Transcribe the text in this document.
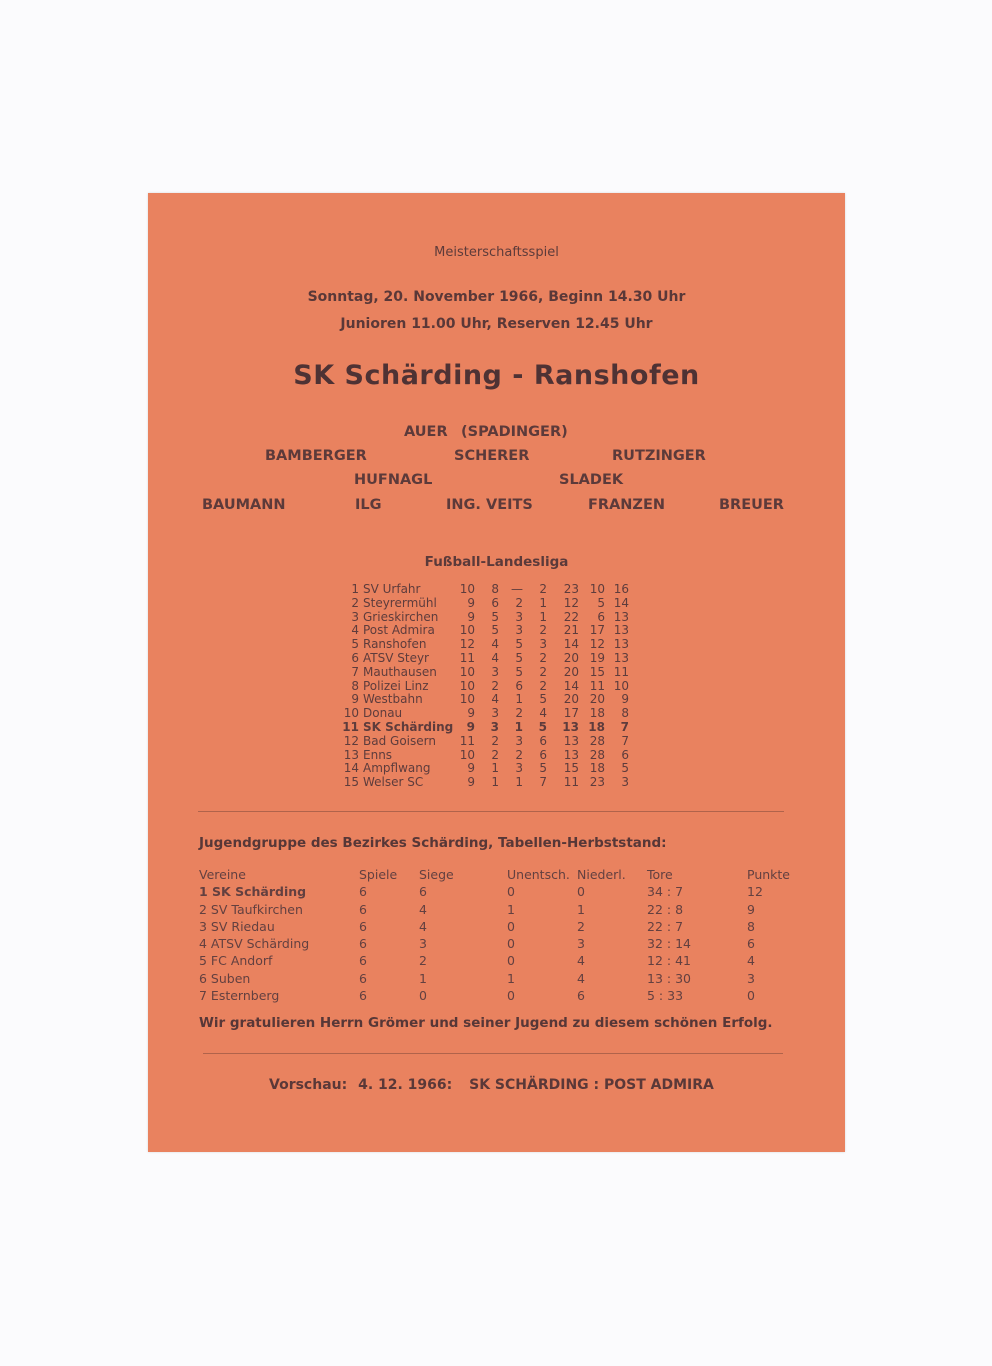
Meisterschaftsspiel
Sonntag, 20. November 1966, Beginn 14.30 Uhr
Junioren 11.00 Uhr, Reserven 12.45 Uhr
SK Schärding - Ranshofen
AUER (SPADINGER)
BAMBERGER	SCHERER	RUTZINGER
HUFNAGL	SLADEK
BAUMANN	ILG	ING. VEITS	FRANZEN	BREUER
Fußball-Landesliga
1	SV Urfahr	10	8	—	2	23	10	16
2	Steyrermühl	9	6	2	1	12	5	14
3	Grieskirchen	9	5	3	1	22	6	13
4	Post Admira	10	5	3	2	21	17	13
5	Ranshofen	12	4	5	3	14	12	13
6	ATSV Steyr	11	4	5	2	20	19	13
7	Mauthausen	10	3	5	2	20	15	11
8	Polizei Linz	10	2	6	2	14	11	10
9	Westbahn	10	4	1	5	20	20	9
10	Donau	9	3	2	4	17	18	8
11	SK Schärding	9	3	1	5	13	18	7
12	Bad Goisern	11	2	3	6	13	28	7
13	Enns	10	2	2	6	13	28	6
14	Ampflwang	9	1	3	5	15	18	5
15	Welser SC	9	1	1	7	11	23	3
Jugendgruppe des Bezirkes Schärding, Tabellen-Herbststand:
Vereine	Spiele	Siege	Unentsch.	Niederl.	Tore	Punkte
1 SK Schärding	6	6	0	0	34 : 7	12
2 SV Taufkirchen	6	4	1	1	22 : 8	9
3 SV Riedau	6	4	0	2	22 : 7	8
4 ATSV Schärding	6	3	0	3	32 : 14	6
5 FC Andorf	6	2	0	4	12 : 41	4
6 Suben	6	1	1	4	13 : 30	3
7 Esternberg	6	0	0	6	5 : 33	0
Wir gratulieren Herrn Grömer und seiner Jugend zu diesem schönen Erfolg.
Vorschau: 4. 12. 1966: SK SCHÄRDING : POST ADMIRA
